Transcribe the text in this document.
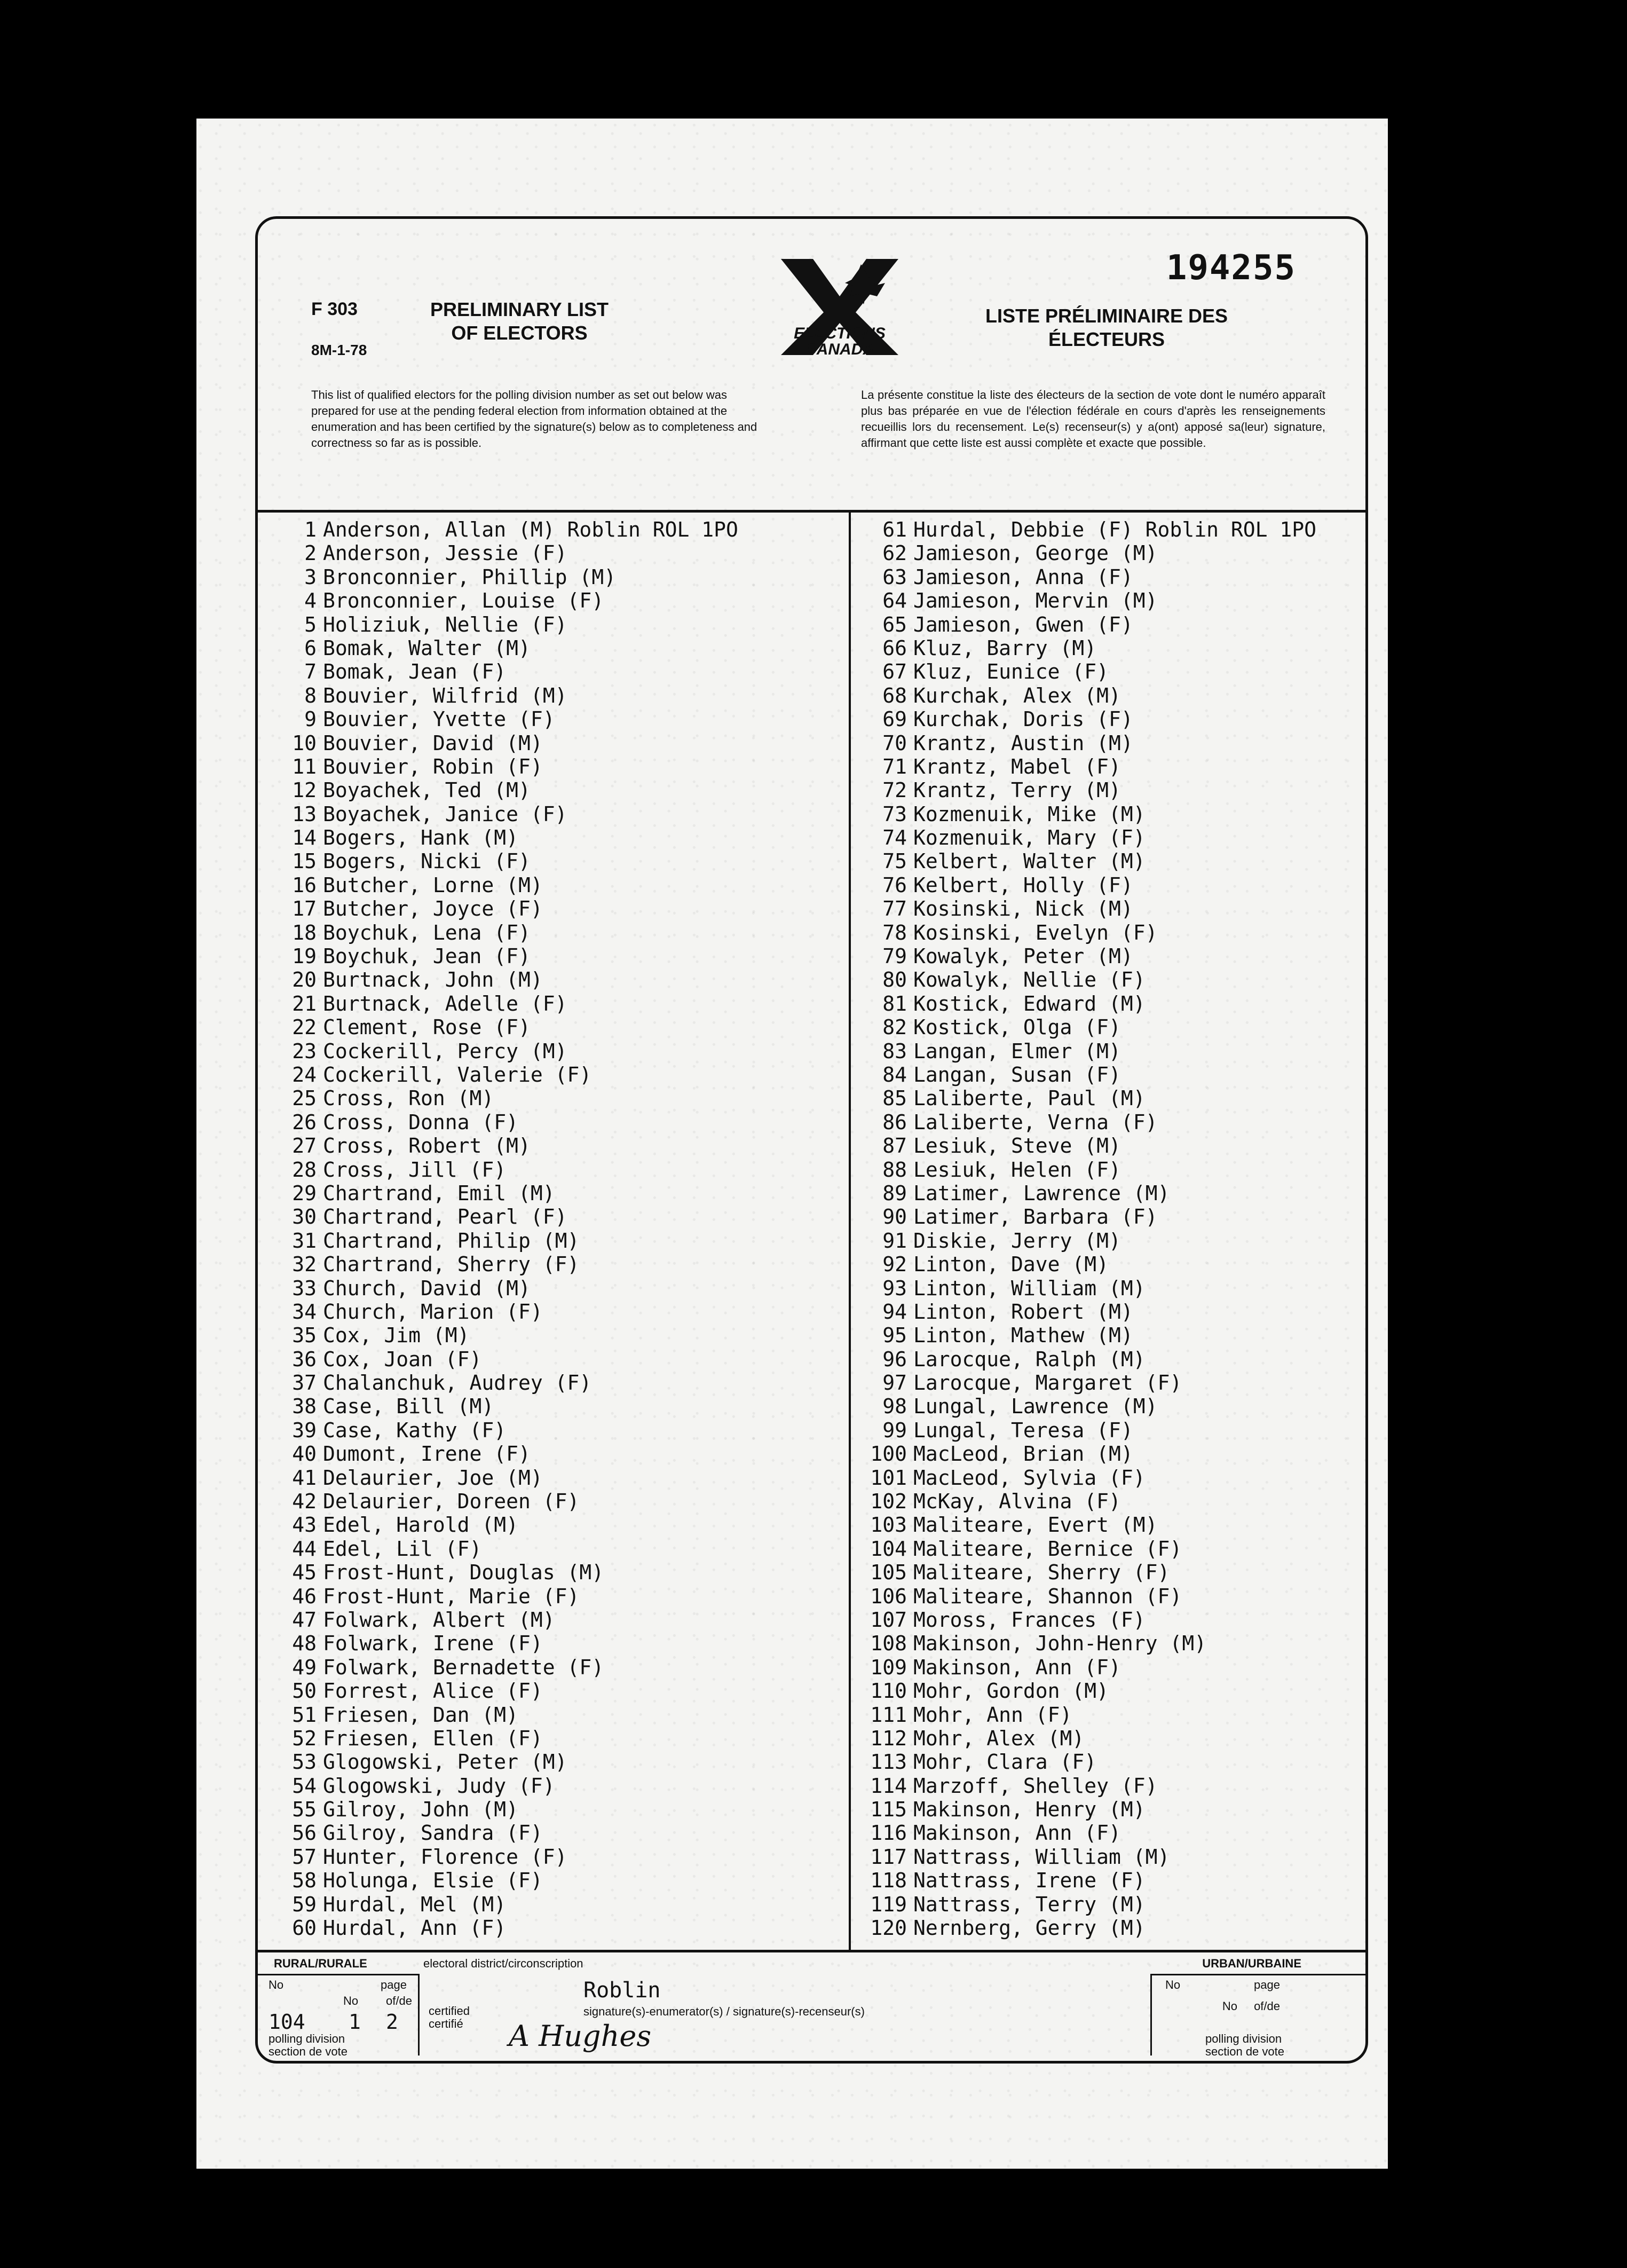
F 303
8M-1-78
PRELIMINARY LIST OF ELECTORS	ELECTIONS CANADA
LISTE PRÉLIMINAIRE DES ÉLECTEURS
194255
This list of qualified electors for the polling division number as set out below was prepared for use at the pending federal election from information obtained at the enumeration and has been certified by the signature(s) below as to completeness and correctness so far as is possible.
La présente constitue la liste des électeurs de la section de vote dont le numéro apparaît plus bas préparée en vue de l'élection fédérale en cours d'après les renseignements recueillis lors du recensement. Le(s) recenseur(s) y a(ont) apposé sa(leur) signature, affirmant que cette liste est aussi complète et exacte que possible.
1 Anderson, Allan (M) Roblin ROL 1PO
2 Anderson, Jessie (F)
3 Bronconnier, Phillip (M)
4 Bronconnier, Louise (F)
5 Holiziuk, Nellie (F)
6 Bomak, Walter (M)
7 Bomak, Jean (F)
8 Bouvier, Wilfrid (M)
9 Bouvier, Yvette (F)
10 Bouvier, David (M)
11 Bouvier, Robin (F)
12 Boyachek, Ted (M)
13 Boyachek, Janice (F)
14 Bogers, Hank (M)
15 Bogers, Nicki (F)
16 Butcher, Lorne (M)
17 Butcher, Joyce (F)
18 Boychuk, Lena (F)
19 Boychuk, Jean (F)
20 Burtnack, John (M)
21 Burtnack, Adelle (F)
22 Clement, Rose (F)
23 Cockerill, Percy (M)
24 Cockerill, Valerie (F)
25 Cross, Ron (M)
26 Cross, Donna (F)
27 Cross, Robert (M)
28 Cross, Jill (F)
29 Chartrand, Emil (M)
30 Chartrand, Pearl (F)
31 Chartrand, Philip (M)
32 Chartrand, Sherry (F)
33 Church, David (M)
34 Church, Marion (F)
35 Cox, Jim (M)
36 Cox, Joan (F)
37 Chalanchuk, Audrey (F)
38 Case, Bill (M)
39 Case, Kathy (F)
40 Dumont, Irene (F)
41 Delaurier, Joe (M)
42 Delaurier, Doreen (F)
43 Edel, Harold (M)
44 Edel, Lil (F)
45 Frost-Hunt, Douglas (M)
46 Frost-Hunt, Marie (F)
47 Folwark, Albert (M)
48 Folwark, Irene (F)
49 Folwark, Bernadette (F)
50 Forrest, Alice (F)
51 Friesen, Dan (M)
52 Friesen, Ellen (F)
53 Glogowski, Peter (M)
54 Glogowski, Judy (F)
55 Gilroy, John (M)
56 Gilroy, Sandra (F)
57 Hunter, Florence (F)
58 Holunga, Elsie (F)
59 Hurdal, Mel (M)
60 Hurdal, Ann (F)
61 Hurdal, Debbie (F) Roblin ROL 1PO
62 Jamieson, George (M)
63 Jamieson, Anna (F)
64 Jamieson, Mervin (M)
65 Jamieson, Gwen (F)
66 Kluz, Barry (M)
67 Kluz, Eunice (F)
68 Kurchak, Alex (M)
69 Kurchak, Doris (F)
70 Krantz, Austin (M)
71 Krantz, Mabel (F)
72 Krantz, Terry (M)
73 Kozmenuik, Mike (M)
74 Kozmenuik, Mary (F)
75 Kelbert, Walter (M)
76 Kelbert, Holly (F)
77 Kosinski, Nick (M)
78 Kosinski, Evelyn (F)
79 Kowalyk, Peter (M)
80 Kowalyk, Nellie (F)
81 Kostick, Edward (M)
82 Kostick, Olga (F)
83 Langan, Elmer (M)
84 Langan, Susan (F)
85 Laliberte, Paul (M)
86 Laliberte, Verna (F)
87 Lesiuk, Steve (M)
88 Lesiuk, Helen (F)
89 Latimer, Lawrence (M)
90 Latimer, Barbara (F)
91 Diskie, Jerry (M)
92 Linton, Dave (M)
93 Linton, William (M)
94 Linton, Robert (M)
95 Linton, Mathew (M)
96 Larocque, Ralph (M)
97 Larocque, Margaret (F)
98 Lungal, Lawrence (M)
99 Lungal, Teresa (F)
100 MacLeod, Brian (M)
101 MacLeod, Sylvia (F)
102 McKay, Alvina (F)
103 Maliteare, Evert (M)
104 Maliteare, Bernice (F)
105 Maliteare, Sherry (F)
106 Maliteare, Shannon (F)
107 Moross, Frances (F)
108 Makinson, John-Henry (M)
109 Makinson, Ann (F)
110 Mohr, Gordon (M)
111 Mohr, Ann (F)
112 Mohr, Alex (M)
113 Mohr, Clara (F)
114 Marzoff, Shelley (F)
115 Makinson, Henry (M)
116 Makinson, Ann (F)
117 Nattrass, William (M)
118 Nattrass, Irene (F)
119 Nattrass, Terry (M)
120 Nernberg, Gerry (M)
RURAL/RURALE	electoral district/circonscription	URBAN/URBAINE
No	page
No of/de
104 1 2
Roblin
certified certifié
signature(s)-enumerator(s) / signature(s)-recenseur(s)
A Hughes
polling division section de vote
No	page
No of/de
polling division section de vote
